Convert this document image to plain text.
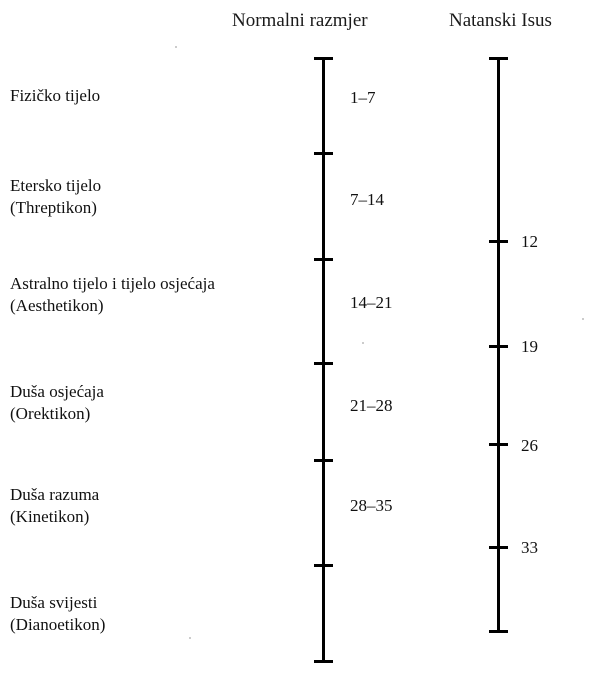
Normalni razmjer	Natanski Isus
Fizičko tijelo
Etersko tijelo
(Threptikon)
Astralno tijelo i tijelo osjećaja
(Aesthetikon)
Duša osjećaja
(Orektikon)
Duša razuma
(Kinetikon)
Duša svijesti
(Dianoetikon)
1–7
7–14
14–21
21–28
28–35
12
19
26
33
